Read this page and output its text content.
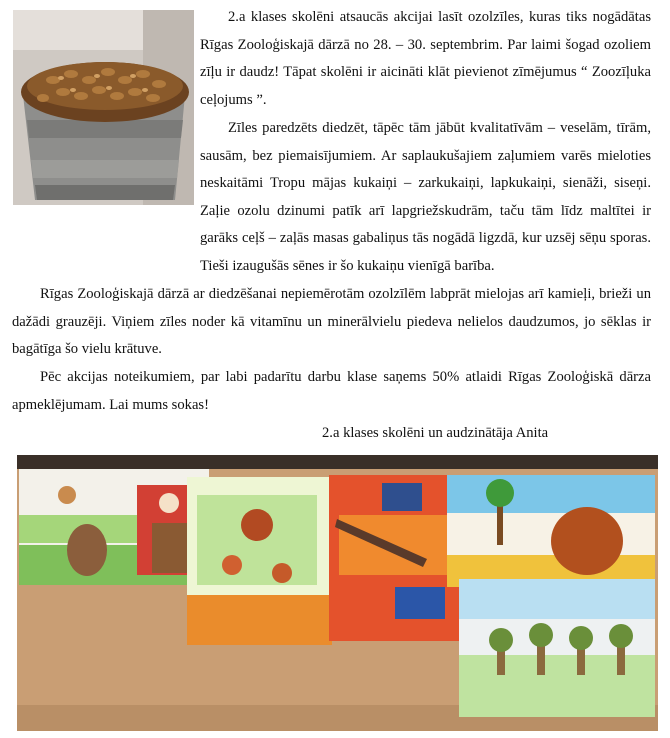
2.a klases skolēni atsaucās akcijai lasīt ozolzīles, kuras tiks nogādātas Rīgas Zooloģiskajā dārzā no 28. – 30. septembrim. Par laimi šogad ozoliem zīļu ir daudz! Tāpat skolēni ir aicināti klāt pievienot zīmējumus “ Zoozīļuka ceļojums ”.

Zīles paredzēts diedzēt, tāpēc tām jābūt kvalitatīvām – veselām, tīrām, sausām, bez piemaisījumiem. Ar saplaukušajiem zaļumiem varēs mieloties neskaitāmi Tropu mājas kukaiņi – zarkukaiņi, lapkukaiņi, sienāži, siseņi. Zaļie ozolu dzinumi patīk arī lapgriežskudrām, taču tām līdz maltītei ir garāks ceļš – zaļās masas gabaliņus tās nogādā ligzdā, kur uzsēj sēņu sporas. Tieši izaugušās sēnes ir šo kukaiņu vienīgā barība.

Rīgas Zooloģiskajā dārzā ar diedzēšanai nepiemērotām ozolzīlēm labprāt mielojas arī kamieļi, brieži un dažādi grauzēji. Viņiem zīles noder kā vitamīnu un minerālvielu piedeva nelielos daudzumos, jo sēklas ir bagātīga šo vielu krātuve.

Pēc akcijas noteikumiem, par labi padarītu darbu klase saņems 50% atlaidi Rīgas Zooloģiskā dārza apmeklējumam. Lai mums sokas!

2.a klases skolēni un audzinātāja Anita
